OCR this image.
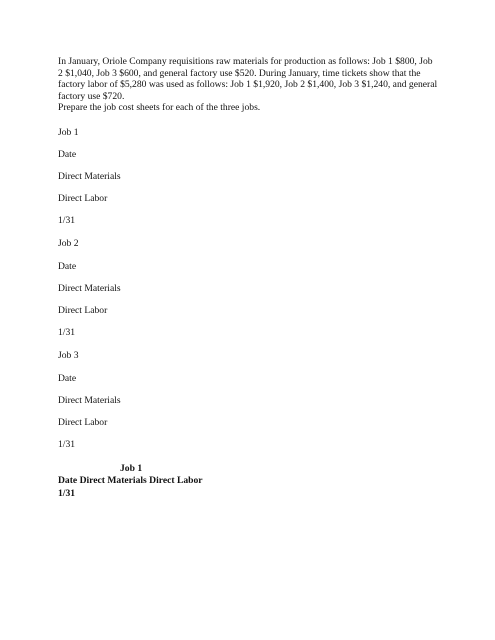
In January, Oriole Company requisitions raw materials for production as follows: Job 1 $800, Job 2 $1,040, Job 3 $600, and general factory use $520. During January, time tickets show that the factory labor of $5,280 was used as follows: Job 1 $1,920, Job 2 $1,400, Job 3 $1,240, and general factory use $720.

Prepare the job cost sheets for each of the three jobs.

Job 1
Date
Direct Materials
Direct Labor
1/31
Job 2
Date
Direct Materials
Direct Labor
1/31
Job 3
Date
Direct Materials
Direct Labor
1/31
Job 1
Date Direct Materials Direct Labor
1/31
